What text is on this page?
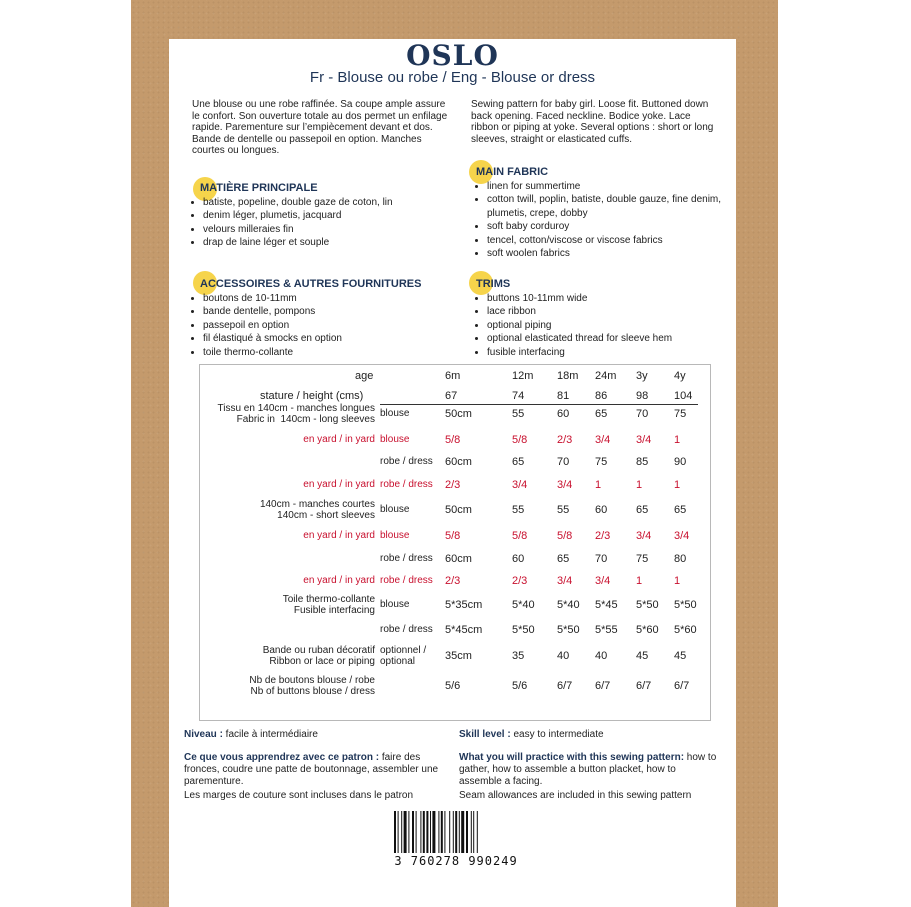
OSLO
Fr - Blouse ou robe / Eng - Blouse or dress
Une blouse ou une robe raffinée. Sa coupe ample assure le confort. Son ouverture totale au dos permet un enfilage rapide. Parementure sur l’empiècement devant et dos. Bande de dentelle ou passepoil en option. Manches courtes ou longues.
Sewing pattern for baby girl. Loose fit. Buttoned down back opening. Faced neckline. Bodice yoke. Lace ribbon or piping at yoke. Several options : short or long sleeves, straight or elasticated cuffs.
MATIÈRE PRINCIPALE
• batiste, popeline, double gaze de coton, lin
• denim léger, plumetis, jacquard
• velours milleraies fin
• drap de laine léger et souple
MAIN FABRIC
• linen for summertime
• cotton twill, poplin, batiste, double gauze, fine denim, plumetis, crepe, dobby
• soft baby corduroy
• tencel, cotton/viscose or viscose fabrics
• soft woolen fabrics
ACCESSOIRES & AUTRES FOURNITURES
• boutons de 10-11mm
• bande dentelle, pompons
• passepoil en option
• fil élastiqué à smocks en option
• toile thermo-collante
TRIMS
• buttons 10-11mm wide
• lace ribbon
• optional piping
• optional elasticated thread for sleeve hem
• fusible interfacing
age
stature / height (cms)
6m	12m 18m 24m 3y 4y
67	74	81 86	98 104
Tissu en 140cm - manches longues
Fabric in  140cm - long sleeves
blouse	50cm	55	60 65	70 75
en yard / in yard blouse	5/8	5/8	2/3 3/4 3/4 1
robe / dress 60cm	65	70 75	85 90
en yard / in yard robe / dress 2/3	3/4	3/4 1	1	1
140cm - manches courtes
140cm - short sleeves
blouse	50cm	55	55 60	65 65
en yard / in yard blouse	5/8	5/8	5/8 2/3 3/4 3/4
robe / dress 60cm	60	65 70	75 80
en yard / in yard robe / dress 2/3	2/3	3/4 3/4 1	1
Toile thermo-collante
Fusible interfacing
blouse	5*35cm	5*40 5*40 5*45 5*50 5*50
robe / dress 5*45cm	5*50 5*50 5*55 5*60 5*60
Bande ou ruban décoratif
Ribbon or lace or piping
optionnel /
optional	35cm	35	40 40	45 45
Nb de boutons blouse / robe
Nb of buttons blouse / dress	5/6	5/6	6/7 6/7 6/7 6/7
Niveau : facile à intermédiaire	Skill level : easy to intermediate
Ce que vous apprendrez avec ce patron : faire des fronces, coudre une patte de boutonnage, assembler une parementure.
What you will practice with this sewing pattern: how to gather, how to assemble a button placket, how to assemble a facing.
Les marges de couture sont incluses dans le patron	Seam allowances are included in this sewing pattern
3 760278 990249
